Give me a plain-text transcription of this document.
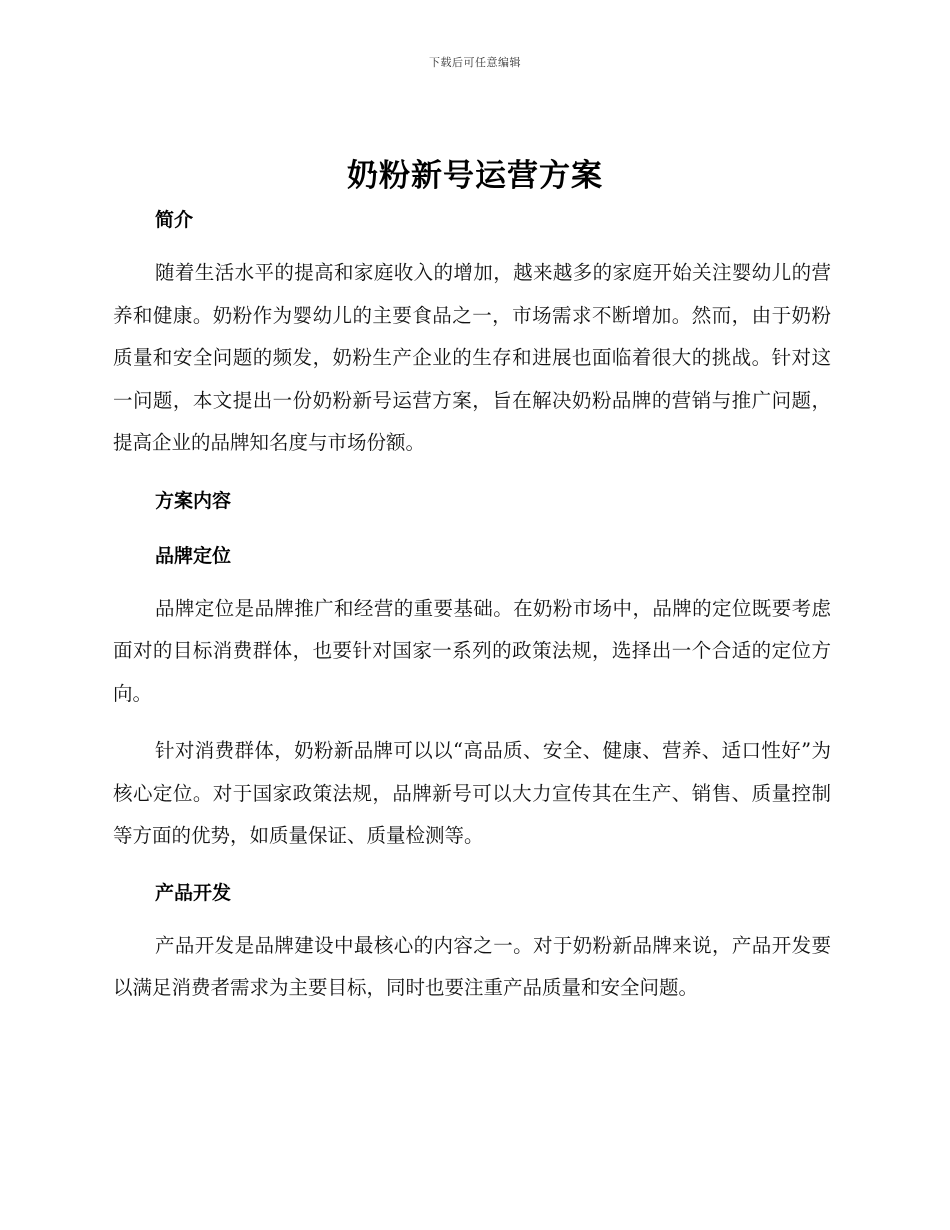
下载后可任意编辑
奶粉新号运营方案
简介

随着生活水平的提高和家庭收入的增加，越来越多的家庭开始关注婴幼儿的营养和健康。奶粉作为婴幼儿的主要食品之一，市场需求不断增加。然而，由于奶粉质量和安全问题的频发，奶粉生产企业的生存和进展也面临着很大的挑战。针对这一问题，本文提出一份奶粉新号运营方案，旨在解决奶粉品牌的营销与推广问题，提高企业的品牌知名度与市场份额。

方案内容
品牌定位

品牌定位是品牌推广和经营的重要基础。在奶粉市场中，品牌的定位既要考虑面对的目标消费群体，也要针对国家一系列的政策法规，选择出一个合适的定位方向。

针对消费群体，奶粉新品牌可以以“高品质、安全、健康、营养、适口性好”为核心定位。对于国家政策法规，品牌新号可以大力宣传其在生产、销售、质量控制等方面的优势，如质量保证、质量检测等。

产品开发

产品开发是品牌建设中最核心的内容之一。对于奶粉新品牌来说，产品开发要以满足消费者需求为主要目标，同时也要注重产品质量和安全问题。
